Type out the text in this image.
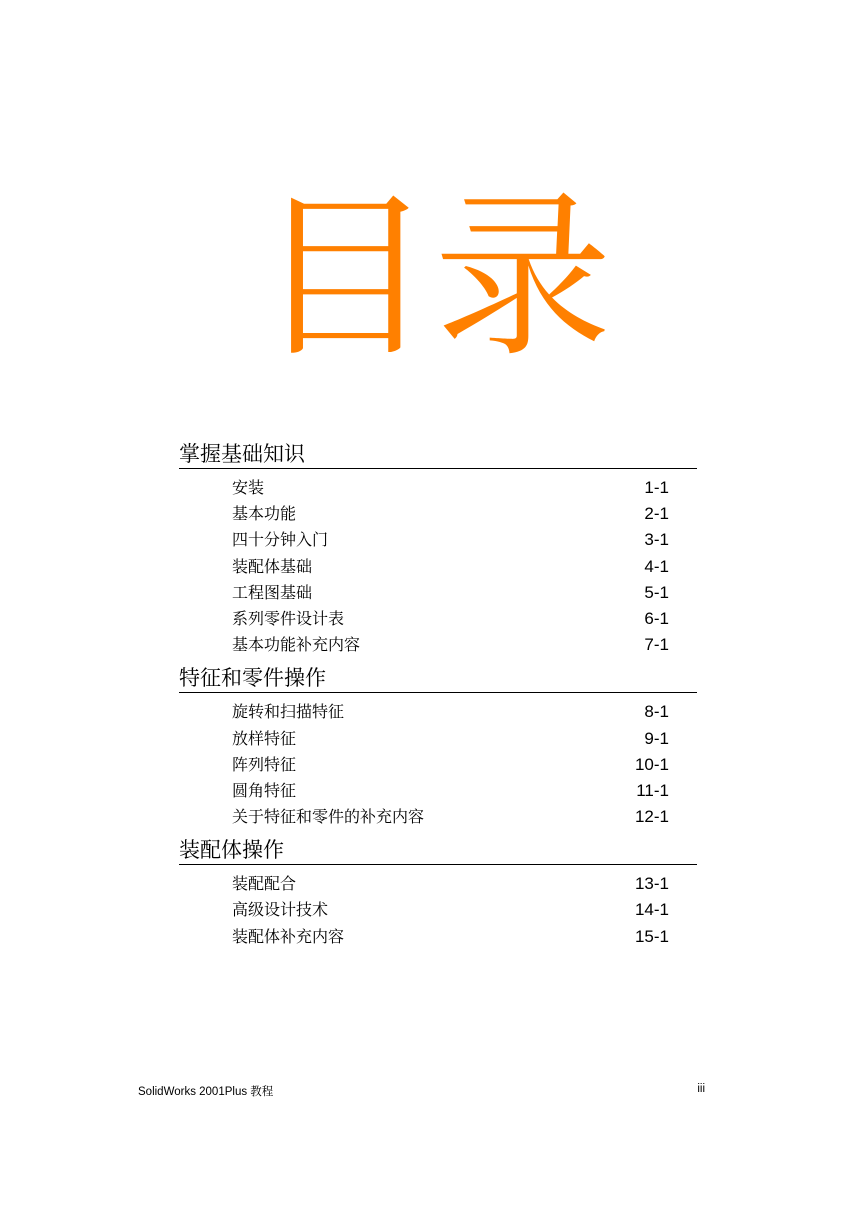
目录
掌握基础知识
安装	1-1
基本功能	2-1
四十分钟入门	3-1
装配体基础	4-1
工程图基础	5-1
系列零件设计表	6-1
基本功能补充内容	7-1
特征和零件操作
旋转和扫描特征	8-1
放样特征	9-1
阵列特征	10-1
圆角特征	11-1
关于特征和零件的补充内容	12-1
装配体操作
装配配合	13-1
高级设计技术	14-1
装配体补充内容	15-1
SolidWorks 2001Plus 教程	iii
